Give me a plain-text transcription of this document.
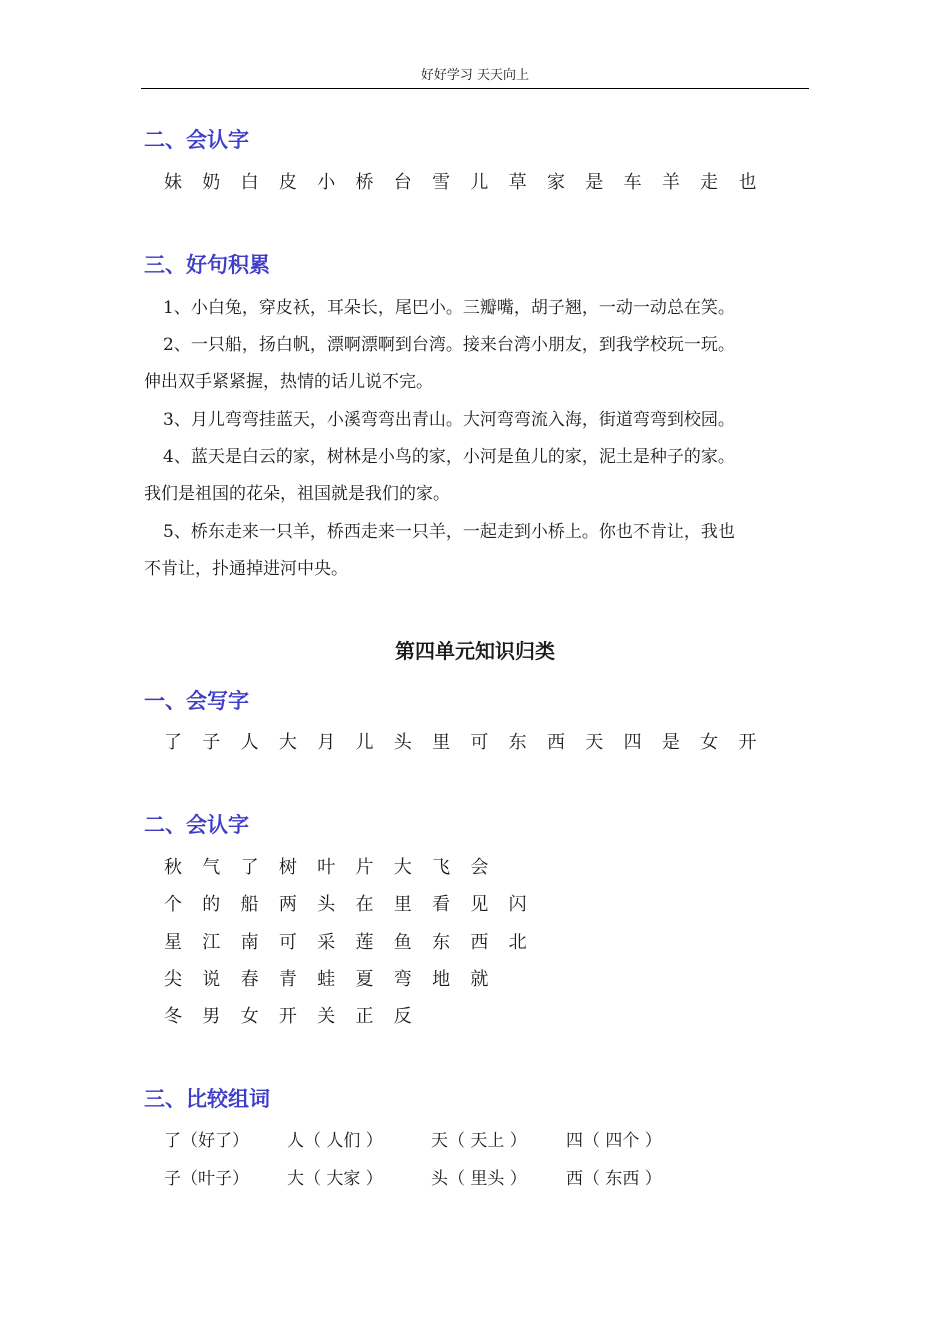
好好学习 天天向上
二、会认字
妹 奶 白 皮 小 桥 台 雪 儿 草 家 是 车 羊 走 也
三、好句积累
1、小白兔，穿皮袄，耳朵长，尾巴小。三瓣嘴，胡子翘，一动一动总在笑。
2、一只船，扬白帆，漂啊漂啊到台湾。接来台湾小朋友，到我学校玩一玩。
伸出双手紧紧握，热情的话儿说不完。
3、月儿弯弯挂蓝天，小溪弯弯出青山。大河弯弯流入海，街道弯弯到校园。
4、蓝天是白云的家，树林是小鸟的家，小河是鱼儿的家，泥土是种子的家。
我们是祖国的花朵，祖国就是我们的家。
5、桥东走来一只羊，桥西走来一只羊，一起走到小桥上。你也不肯让，我也
不肯让，扑通掉进河中央。
第四单元知识归类
一、会写字
了 子 人 大 月 儿 头 里 可 东 西 天 四 是 女 开
二、会认字
秋 气 了 树 叶 片 大 飞 会
个 的 船 两 头 在 里 看 见 闪
星 江 南 可 采 莲 鱼 东 西 北
尖 说 春 青 蛙 夏 弯 地 就
冬 男 女 开 关 正 反
三、比较组词
了（好了） 人（ 人们 ）	天（ 天上 ） 四（ 四个 ）
子（叶子） 大（ 大家 ）	头（ 里头 ） 西（ 东西 ）
